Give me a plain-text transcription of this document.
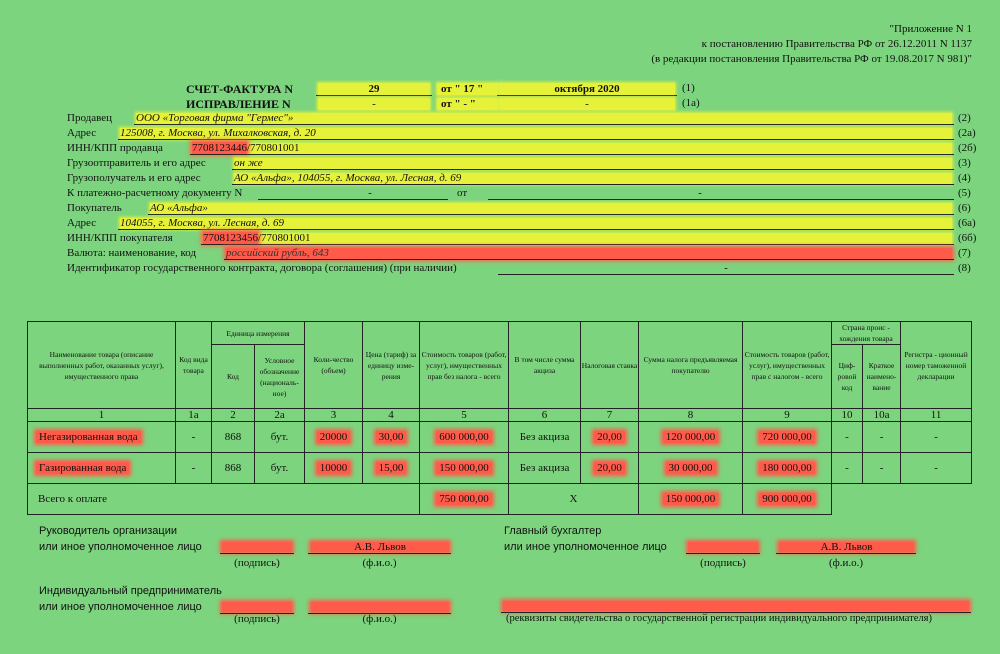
"Приложение N 1
к постановлению Правительства РФ от 26.12.2011 N 1137
(в редакции постановления Правительства РФ от 19.08.2017 N 981)"
СЧЕТ-ФАКТУРА N	29	от " 17 "	октября 2020	(1)
ИСПРАВЛЕНИЕ N	-	от " - "	-	(1а)
Продавец ООО «Торговая фирма "Гермес"»	(2)
Адрес 125008, г. Москва, ул. Михалковская, д. 20	(2а)
ИНН/КПП продавца	7708123446/770801001	(2б)
Грузоотправитель и его адрес	он же	(3)
Грузополучатель и его адрес	АО «Альфа», 104055, г. Москва, ул. Лесная, д. 69	(4)
К платежно-расчетному документу N	-	от	-	(5)
Покупатель	АО «Альфа»	(6)
Адрес 104055, г. Москва, ул. Лесная, д. 69	(6а)
ИНН/КПП покупателя	7708123456/770801001	(6б)
Валюта: наименование, код	российский рубль, 643	(7)
Идентификатор государственного контракта, договора (соглашения) (при наличии)	-	(8)
Наименование товара (описание выполненных работ, оказанных услуг), имущественного права	Код вида товара	Единица измерения		Коли-чество (объем)	Цена (тариф) за единицу изме-рения	Стоимость товаров (работ, услуг), имущественных прав без налога - всего	В том числе сумма акциза	Налоговая ставка	Сумма налога предъявляемая покупателю	Стоимость товаров (работ, услуг), имущественных прав с налогом - всего	Страна проис - хождения товара		Регистра - ционный номер таможенной декларации
		Код	Условное обозначение (националь-ное)								Циф-ровой код	Краткое наимено-вание	
1	1а	2	2а	3	4	5	6	7	8	9	10	10а	11
Негазированная вода	-	868	бут.	20000	30,00	600 000,00	Без акциза	20,00	120 000,00	720 000,00	-	-	-
Газированная вода	-	868	бут.	10000	15,00	150 000,00	Без акциза	20,00	30 000,00	180 000,00	-	-	-
Всего к оплате						750 000,00	Х		150 000,00	900 000,00			
Руководитель организации
или иное уполномоченное лицо	А.В. Львов
(подпись)	(ф.и.о.)
Главный бухгалтер
или иное уполномоченное лицо	А.В. Львов
(подпись)	(ф.и.о.)
Индивидуальный предприниматель
или иное уполномоченное лицо
(подпись)	(ф.и.о.)	(реквизиты свидетельства о государственной регистрации индивидуального предпринимателя)
